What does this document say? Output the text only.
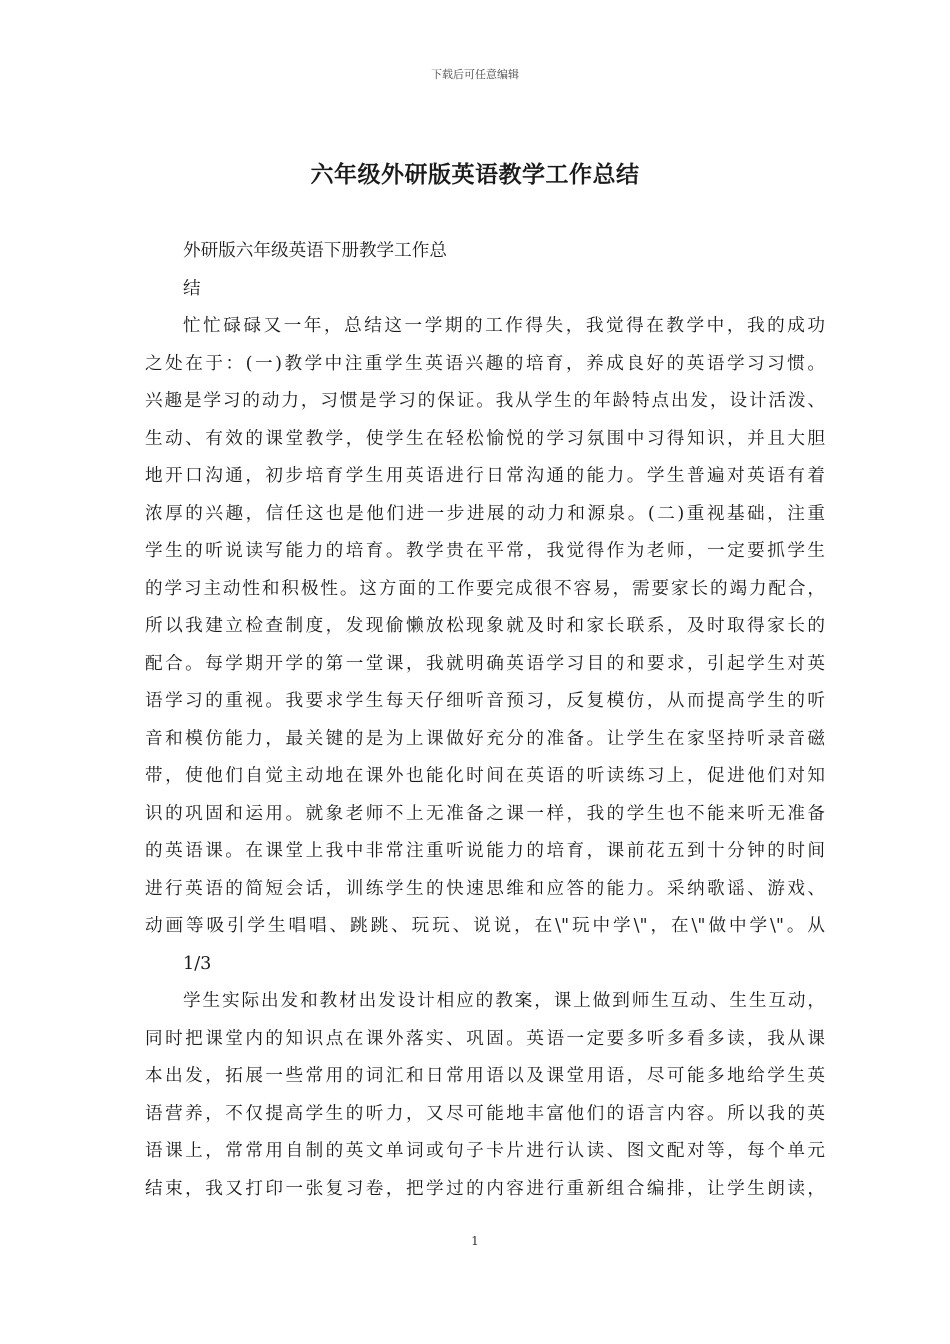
下载后可任意编辑
六年级外研版英语教学工作总结
外研版六年级英语下册教学工作总
结
忙忙碌碌又一年，总结这一学期的工作得失，我觉得在教学中，我的成功
之处在于：(一)教学中注重学生英语兴趣的培育，养成良好的英语学习习惯。
兴趣是学习的动力，习惯是学习的保证。我从学生的年龄特点出发，设计活泼、
生动、有效的课堂教学，使学生在轻松愉悦的学习氛围中习得知识，并且大胆
地开口沟通，初步培育学生用英语进行日常沟通的能力。学生普遍对英语有着
浓厚的兴趣，信任这也是他们进一步进展的动力和源泉。(二)重视基础，注重
学生的听说读写能力的培育。教学贵在平常，我觉得作为老师，一定要抓学生
的学习主动性和积极性。这方面的工作要完成很不容易，需要家长的竭力配合，
所以我建立检查制度，发现偷懒放松现象就及时和家长联系，及时取得家长的
配合。每学期开学的第一堂课，我就明确英语学习目的和要求，引起学生对英
语学习的重视。我要求学生每天仔细听音预习，反复模仿，从而提高学生的听
音和模仿能力，最关键的是为上课做好充分的准备。让学生在家坚持听录音磁
带，使他们自觉主动地在课外也能化时间在英语的听读练习上，促进他们对知
识的巩固和运用。就象老师不上无准备之课一样，我的学生也不能来听无准备
的英语课。在课堂上我中非常注重听说能力的培育，课前花五到十分钟的时间
进行英语的简短会话，训练学生的快速思维和应答的能力。采纳歌谣、游戏、
动画等吸引学生唱唱、跳跳、玩玩、说说，在\"玩中学\"，在\"做中学\"。从
1/3
学生实际出发和教材出发设计相应的教案，课上做到师生互动、生生互动，
同时把课堂内的知识点在课外落实、巩固。英语一定要多听多看多读，我从课
本出发，拓展一些常用的词汇和日常用语以及课堂用语，尽可能多地给学生英
语营养，不仅提高学生的听力，又尽可能地丰富他们的语言内容。所以我的英
语课上，常常用自制的英文单词或句子卡片进行认读、图文配对等，每个单元
结束，我又打印一张复习卷，把学过的内容进行重新组合编排，让学生朗读，
1
